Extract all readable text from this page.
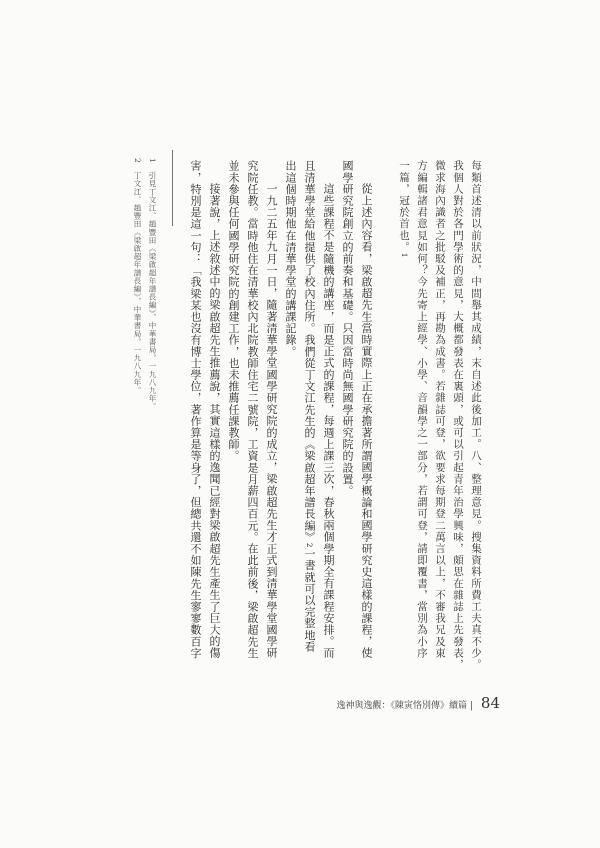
每類首述清以前狀況，中間舉其成績，末自述此後加工。八、整理意見。搜集資料所費工夫真不少。
我個人對於各門學術的意見，大概都發表在裏頭，或可以引起青年治學興味，頗思在雜誌上先發表，
微求海內識者之批駁及補正，再勘為成書。若雜誌可登，欲要求每期登二萬言以上，不審我兄及東
方編輯諸君意見如何？今先寄上經學、小學、音韻學之一部分，若謂可登，請即覆書，當別為小序
一篇，冠於首也。1
從上述內容看，梁啟超先生當時實際上正在承擔著所謂國學概論和國學研究史這樣的課程，使
國學研究院創立的前奏和基礎。只因當時尚無國學研究院的設置。
這些課程不是隨機的講座，而是正式的課程，每週上課三次，春秋兩個學期全有課程安排。而
且清華學堂給他提供了校內住所。我們從丁文江先生的《梁啟超年譜長編》2一書就可以完整地看
出這個時期他在清華學堂的講課記錄。
一九二五年九月一日，隨著清華學堂國學研究院的成立，梁啟超先生才正式到清華學堂國學研
究院任教。當時他住在清華校內北院教師住宅二號院，工資是月薪四百元。在此前後，梁啟超先生
並未參與任何國學研究院的創建工作，也未推薦任課教師。
接著說，上述敘述中的梁啟超先生推薦說，其實這樣的逸聞已經對梁啟超先生產生了巨大的傷
害，特別是這一句：「我梁某也沒有博士學位，著作算是等身了，但總共還不如陳先生寥寥數百字
1　引見丁文江、趙豐田《梁啟超年譜長編》，中華書局，一九八九年。
2　丁文江、趙豐田《梁啟超年譜長編》，中華書局，一九八九年。
逸神與逸觀：《陳寅恪別傳》續篇 | 84
